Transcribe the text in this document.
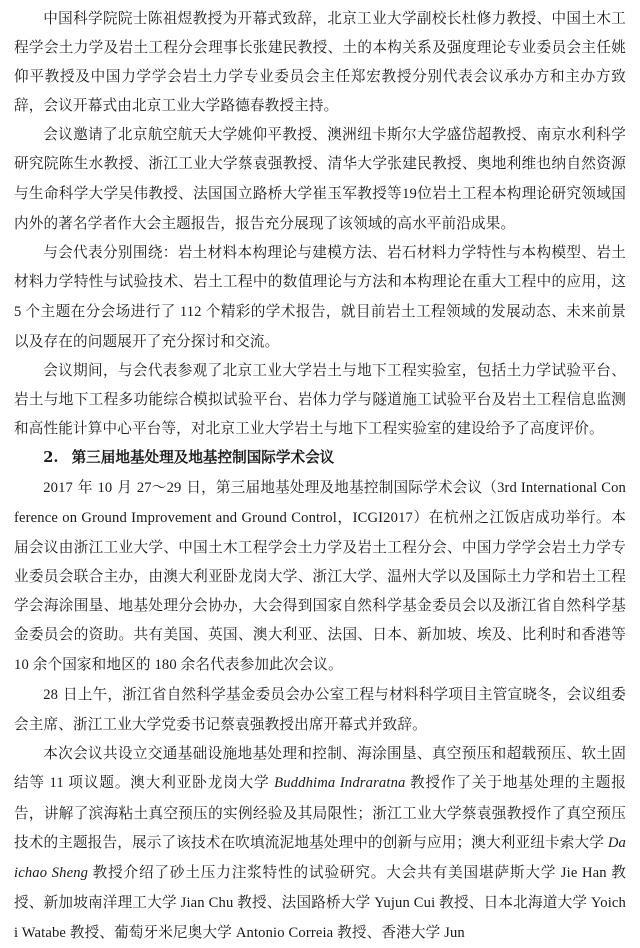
中国科学院院士陈祖煜教授为开幕式致辞，北京工业大学副校长杜修力教授、中国土木工程学会土力学及岩土工程分会理事长张建民教授、土的本构关系及强度理论专业委员会主任姚仰平教授及中国力学学会岩土力学专业委员会主任郑宏教授分别代表会议承办方和主办方致辞，会议开幕式由北京工业大学路德春教授主持。

会议邀请了北京航空航天大学姚仰平教授、澳洲纽卡斯尔大学盛岱超教授、南京水利科学研究院陈生水教授、浙江工业大学蔡袁强教授、清华大学张建民教授、奥地利维也纳自然资源与生命科学大学吴伟教授、法国国立路桥大学崔玉军教授等19位岩土工程本构理论研究领域国内外的著名学者作大会主题报告，报告充分展现了该领域的高水平前沿成果。

与会代表分别围绕：岩土材料本构理论与建模方法、岩石材料力学特性与本构模型、岩土材料力学特性与试验技术、岩土工程中的数值理论与方法和本构理论在重大工程中的应用，这 5 个主题在分会场进行了 112 个精彩的学术报告，就目前岩土工程领域的发展动态、未来前景以及存在的问题展开了充分探讨和交流。

会议期间，与会代表参观了北京工业大学岩土与地下工程实验室，包括土力学试验平台、岩土与地下工程多功能综合模拟试验平台、岩体力学与隧道施工试验平台及岩土工程信息监测和高性能计算中心平台等，对北京工业大学岩土与地下工程实验室的建设给予了高度评价。

2. 第三届地基处理及地基控制国际学术会议

2017 年 10 月 27～29 日，第三届地基处理及地基控制国际学术会议（3rd International Conference on Ground Improvement and Ground Control，ICGI2017）在杭州之江饭店成功举行。本届会议由浙江工业大学、中国土木工程学会土力学及岩土工程分会、中国力学学会岩土力学专业委员会联合主办，由澳大利亚卧龙岗大学、浙江大学、温州大学以及国际土力学和岩土工程学会海涂围垦、地基处理分会协办，大会得到国家自然科学基金委员会以及浙江省自然科学基金委员会的资助。共有美国、英国、澳大利亚、法国、日本、新加坡、埃及、比利时和香港等 10 余个国家和地区的 180 余名代表参加此次会议。

28 日上午，浙江省自然科学基金委员会办公室工程与材料科学项目主管宣晓冬，会议组委会主席、浙江工业大学党委书记蔡袁强教授出席开幕式并致辞。

本次会议共设立交通基础设施地基处理和控制、海涂围垦、真空预压和超载预压、软土固结等 11 项议题。澳大利亚卧龙岗大学 Buddhima Indraratna 教授作了关于地基处理的主题报告，讲解了滨海粘土真空预压的实例经验及其局限性；浙江工业大学蔡袁强教授作了真空预压技术的主题报告，展示了该技术在吹填流泥地基处理中的创新与应用；澳大利亚纽卡索大学 Daichao Sheng 教授介绍了砂土压力注浆特性的试验研究。大会共有美国堪萨斯大学 Jie Han 教授、新加坡南洋理工大学 Jian Chu 教授、法国路桥大学 Yujun Cui 教授、日本北海道大学 Yoichi Watabe 教授、葡萄牙米尼奥大学 Antonio Correia 教授、香港大学 Jun
